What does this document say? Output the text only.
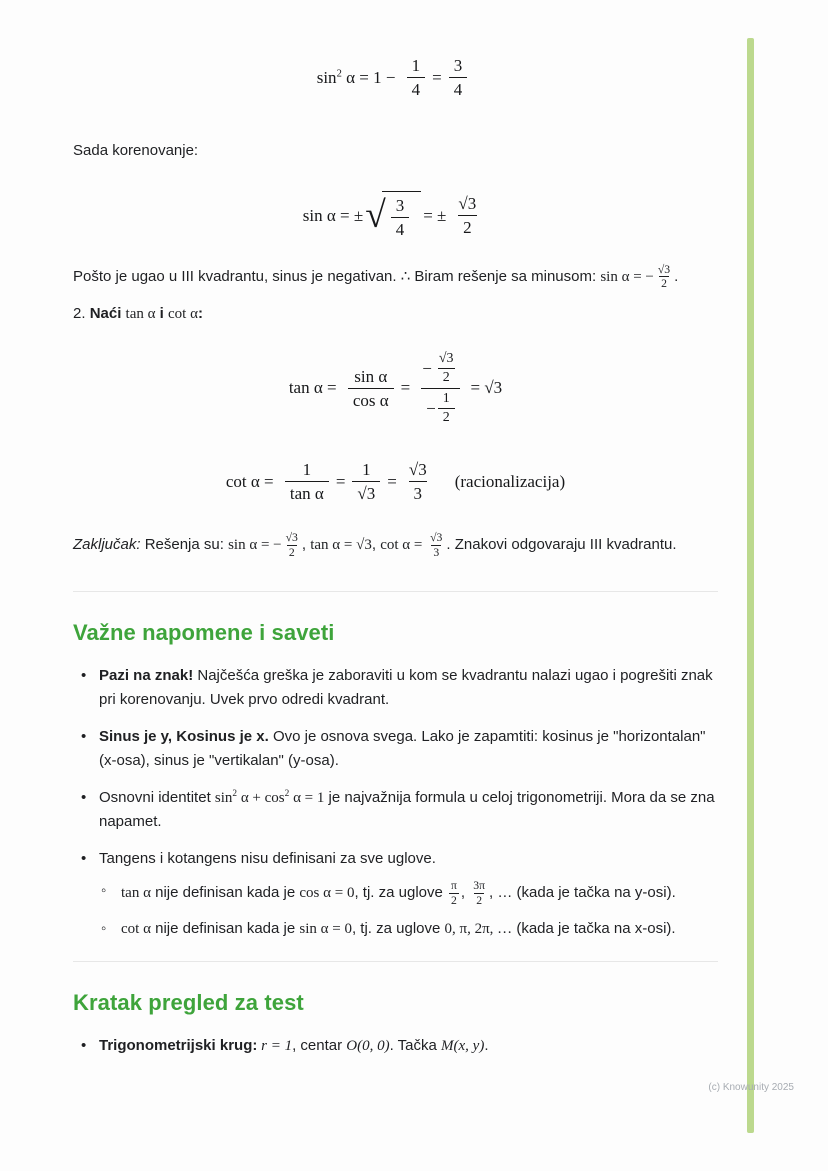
$\sin^2 \alpha = 1 - \frac{1}{4} = \frac{3}{4}$

Sada korenovanje:

sin α = ± √ $\frac{3}{4}$ = ± $\frac{√3}{2}$

Pošto je ugao u III kvadrantu, sinus je negativan. ∴ Biram rešenje sa minusom: sin α = − $\frac{√3}{2}$ .

2. Naći tan α i cot α:

$\tan \alpha = \frac{\text{sin α}}{\text{cos α}} = \frac{- \frac{√3}{2}}{- \frac{1}{2}} = √3$
$\cot \alpha = \frac{1}{\text{tan α}} = \frac{1}{√3} = \frac{√3}{3}$ (racionalizacija)

Zaključak: Rešenja su: sin α = − $\frac{√3}{2}$ , tan α = √3, $\cot \alpha = \frac{√3}{3}$ . Znakovi odgovaraju III kvadrantu.

Važne napomene i saveti
• Pazi na znak! Najčešća greška je zaboraviti u kom se kvadrantu nalazi ugao i pogrešiti znak pri korenovanju. Uvek prvo odredi kvadrant.
• Sinus je y, Kosinus je x. Ovo je osnova svega. Lako je zapamtiti: kosinus je "horizontalan" (x-osa), sinus je "vertikalan" (y-osa).
• Osnovni identitet $\sin^2 \alpha + \cos^2 \alpha = 1$ je najvažnija formula u celoj trigonometriji. Mora da se zna napamet.
• Tangens i kotangens nisu definisani za sve uglove.
◦ tan α nije definisan kada je cos α = 0, tj. za uglove $\frac{\pi}{2}$ , $\frac{3\pi}{2}$ , … (kada je tačka na y-osi).
◦ cot α nije definisan kada je sin α = 0, tj. za uglove 0, π, 2π, … (kada je tačka na x-osi).
Kratak pregled za test
• Trigonometrijski krug: r = 1, centar O(0, 0). Tačka M(x, y).
(c) Knowunity 2025
